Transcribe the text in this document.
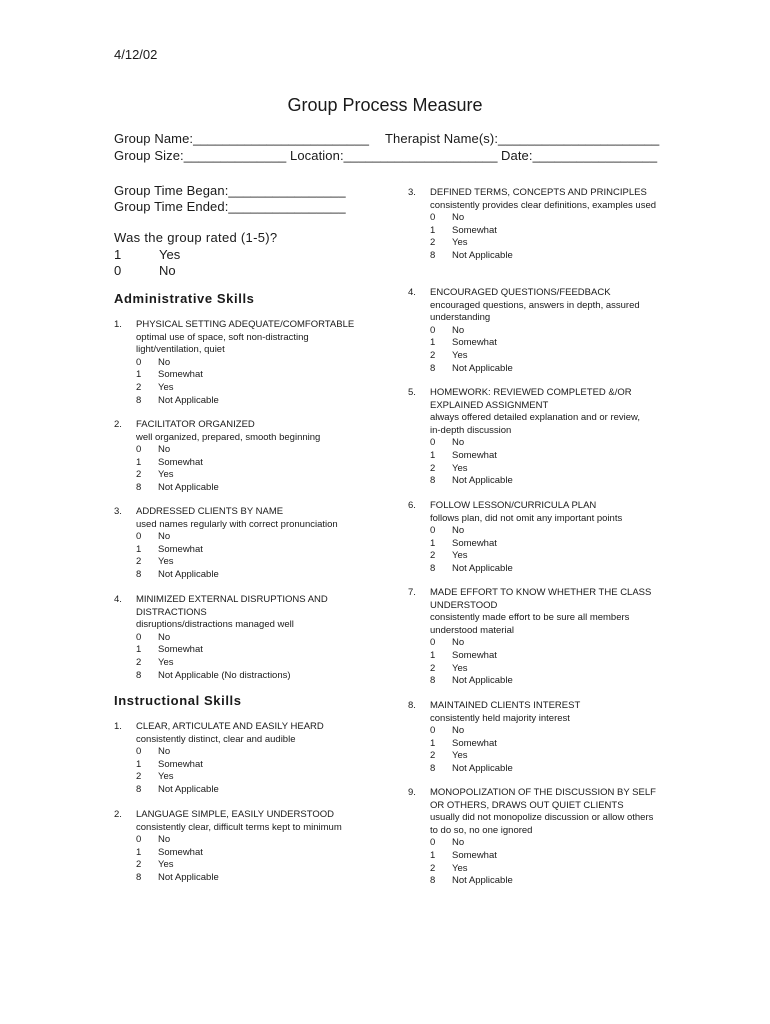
4/12/02
Group Process Measure
Group Name:________________________ Therapist Name(s):______________________
Group Size:______________ Location:_____________________ Date:_________________
Group Time Began:________________
Group Time Ended:________________
Was the group rated (1-5)?
1	Yes
0	No
Administrative Skills
Instructional Skills
1. PHYSICAL SETTING ADEQUATE/COMFORTABLE
optimal use of space, soft non-distracting light/ventilation, quiet
0	No
1	Somewhat
2	Yes
8	Not Applicable
2. FACILITATOR ORGANIZED
well organized, prepared, smooth beginning
0	No
1	Somewhat
2	Yes
8	Not Applicable
3. ADDRESSED CLIENTS BY NAME
used names regularly with correct pronunciation
0	No
1	Somewhat
2	Yes
8	Not Applicable
4. MINIMIZED EXTERNAL DISRUPTIONS AND DISTRACTIONS
disruptions/distractions managed well
0	No
1	Somewhat
2	Yes
8	Not Applicable (No distractions)
1. CLEAR, ARTICULATE AND EASILY HEARD
consistently distinct, clear and audible
0	No
1	Somewhat
2	Yes
8	Not Applicable
2. LANGUAGE SIMPLE, EASILY UNDERSTOOD
consistently clear, difficult terms kept to minimum
0	No
1	Somewhat
2	Yes
8	Not Applicable
3. DEFINED TERMS, CONCEPTS AND PRINCIPLES
consistently provides clear definitions, examples used
0	No
1	Somewhat
2	Yes
8	Not Applicable
4. ENCOURAGED QUESTIONS/FEEDBACK
encouraged questions, answers in depth, assured understanding
0	No
1	Somewhat
2	Yes
8	Not Applicable
5. HOMEWORK: REVIEWED COMPLETED &/OR EXPLAINED ASSIGNMENT
always offered detailed explanation and or review, in-depth discussion
0	No
1	Somewhat
2	Yes
8	Not Applicable
6. FOLLOW LESSON/CURRICULA PLAN
follows plan, did not omit any important points
0	No
1	Somewhat
2	Yes
8	Not Applicable
7. MADE EFFORT TO KNOW WHETHER THE CLASS UNDERSTOOD
consistently made effort to be sure all members understood material
0	No
1	Somewhat
2	Yes
8	Not Applicable
8. MAINTAINED CLIENTS INTEREST
consistently held majority interest
0	No
1	Somewhat
2	Yes
8	Not Applicable
9. MONOPOLIZATION OF THE DISCUSSION BY SELF OR OTHERS, DRAWS OUT QUIET CLIENTS
usually did not monopolize discussion or allow others to do so, no one ignored
0	No
1	Somewhat
2	Yes
8	Not Applicable
